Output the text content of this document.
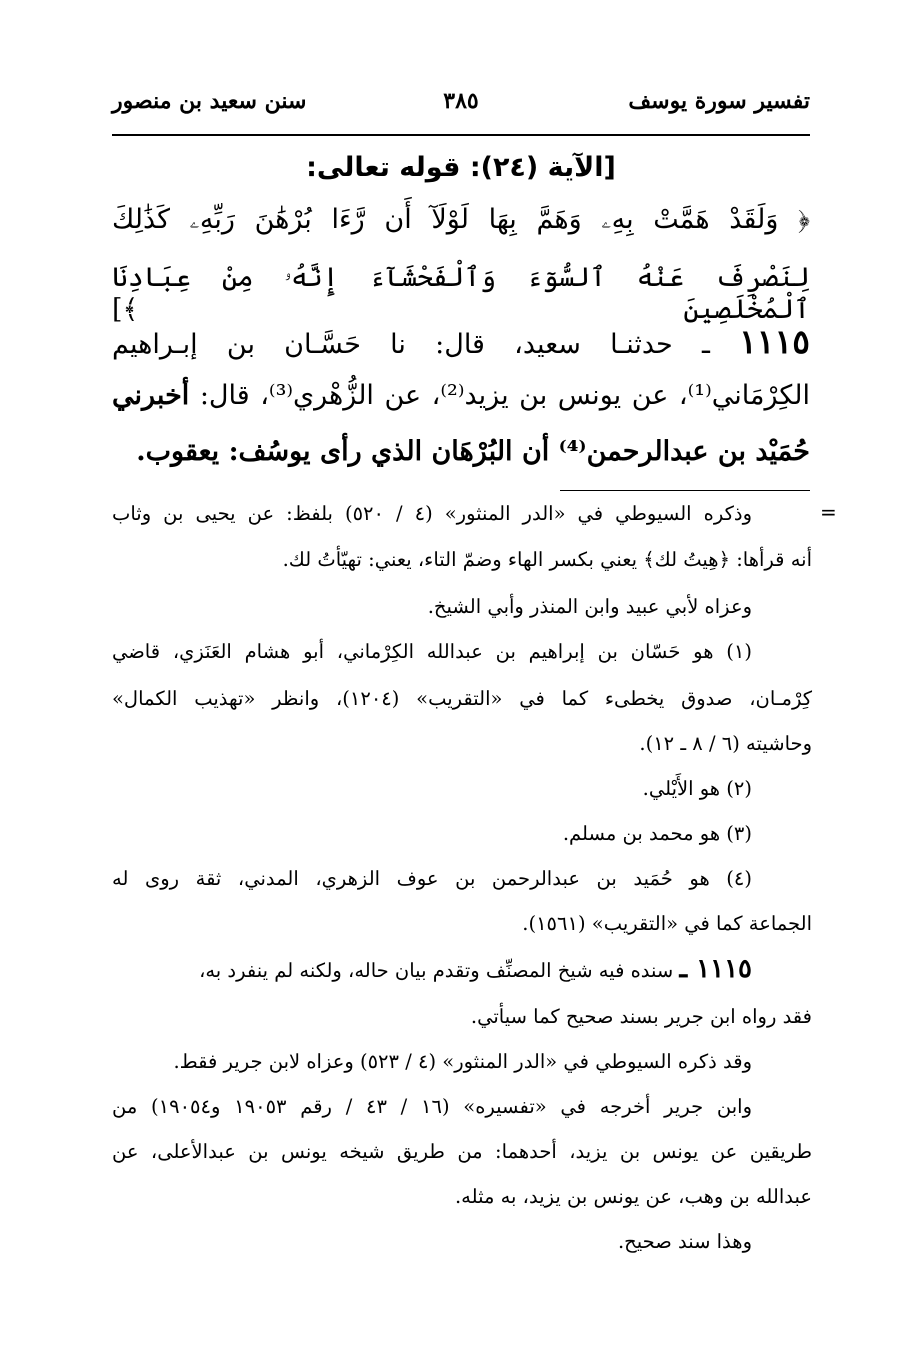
تفسير سورة يوسف
٣٨٥
سنن سعيد بن منصور
[الآية (٢٤): قوله تعالى:
﴿ وَلَقَدْ هَمَّتْ بِهِۦ وَهَمَّ بِهَا لَوْلَآ أَن رَّءَا بُرْهَٰنَ رَبِّهِۦ كَذَٰلِكَ
لِنَصْرِفَ عَنْهُ ٱلسُّوٓءَ وَٱلْفَحْشَآءَ إِنَّهُۥ مِنْ عِبَادِنَا ٱلْمُخْلَصِينَ ﴾]
١١١٥ ـ حدثنـا سعيد، قال: نا حَسَّـان بن إبـراهيم
الكِرْمَاني⁽¹⁾، عن يونس بن يزيد⁽²⁾، عن الزُّهْري⁽³⁾، قال: أخبرني
حُمَيْد بن عبدالرحمن⁽⁴⁾ أن البُرْهَان الذي رأى يوسُف: يعقوب.
=
وذكره السيوطي في «الدر المنثور» (٤ / ٥٢٠) بلفظ: عن يحيى بن وثاب
أنه قرأها: ﴿هِيتُ لك﴾ يعني بكسر الهاء وضمّ التاء، يعني: تهيّأتُ لك.
وعزاه لأبي عبيد وابن المنذر وأبي الشيخ.
(١) هو حَسّان بن إبراهيم بن عبدالله الكِرْماني، أبو هشام العَنَزي، قاضي
كِرْمـان، صدوق يخطىء كما في «التقريب» (١٢٠٤)، وانظر «تهذيب الكمال»
وحاشيته (٦ / ٨ ـ ١٢).
(٢) هو الأَيْلي.
(٣) هو محمد بن مسلم.
(٤) هو حُمَيد بن عبدالرحمن بن عوف الزهري، المدني، ثقة روى له
الجماعة كما في «التقريب» (١٥٦١).
١١١٥ ـ سنده فيه شيخ المصنِّف وتقدم بيان حاله، ولكنه لم ينفرد به،
فقد رواه ابن جرير بسند صحيح كما سيأتي.
وقد ذكره السيوطي في «الدر المنثور» (٤ / ٥٢٣) وعزاه لابن جرير فقط.
وابن جرير أخرجه في «تفسيره» (١٦ / ٤٣ / رقم ١٩٠٥٣ و١٩٠٥٤) من
طريقين عن يونس بن يزيد، أحدهما: من طريق شيخه يونس بن عبدالأعلى، عن
عبدالله بن وهب، عن يونس بن يزيد، به مثله.
وهذا سند صحيح.
